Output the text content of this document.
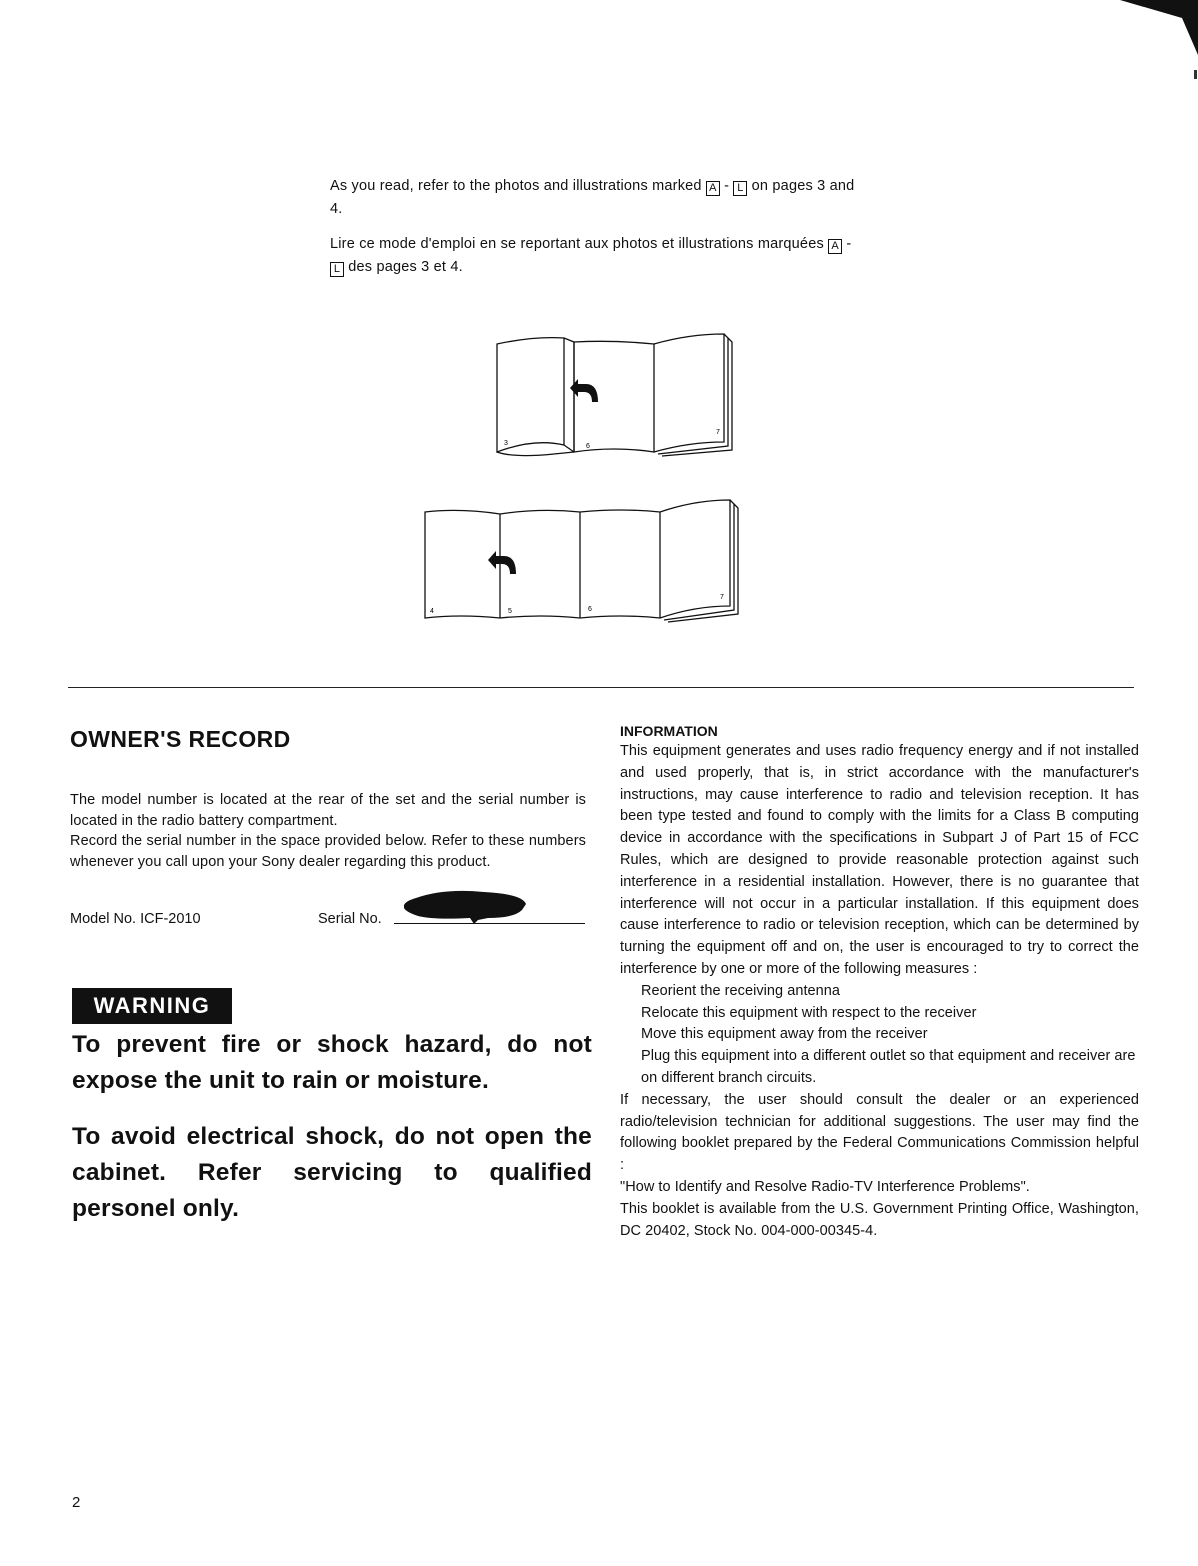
As you read, refer to the photos and illustrations marked A - L on pages 3 and 4.

Lire ce mode d'emploi en se reportant aux photos et illustrations marquées A - L des pages 3 et 4.

3	6
7
4	5	6
7
OWNER'S RECORD

The model number is located at the rear of the set and the serial number is located in the radio battery compartment.

Record the serial number in the space provided below. Refer to these numbers whenever you call upon your Sony dealer regarding this product.

Model No. ICF-2010	Serial No.
WARNING
To prevent fire or shock hazard, do not expose the unit to rain or moisture.
To avoid electrical shock, do not open the cabinet. Refer servicing to qualified personel only.
INFORMATION

This equipment generates and uses radio frequency energy and if not installed and used properly, that is, in strict accordance with the manufacturer's instructions, may cause interference to radio and television reception. It has been type tested and found to comply with the limits for a Class B computing device in accordance with the specifications in Subpart J of Part 15 of FCC Rules, which are designed to provide reasonable protection against such interference in a residential installation. However, there is no guarantee that interference will not occur in a particular installation. If this equipment does cause interference to radio or television reception, which can be determined by turning the equipment off and on, the user is encouraged to try to correct the interference by one or more of the following measures :

Reorient the receiving antenna
Relocate this equipment with respect to the receiver
Move this equipment away from the receiver
Plug this equipment into a different outlet so that equipment and receiver are on different branch circuits.

If necessary, the user should consult the dealer or an experienced radio/television technician for additional suggestions. The user may find the following booklet prepared by the Federal Communications Commission helpful :

"How to Identify and Resolve Radio-TV Interference Problems".

This booklet is available from the U.S. Government Printing Office, Washington, DC 20402, Stock No. 004-000-00345-4.

2
